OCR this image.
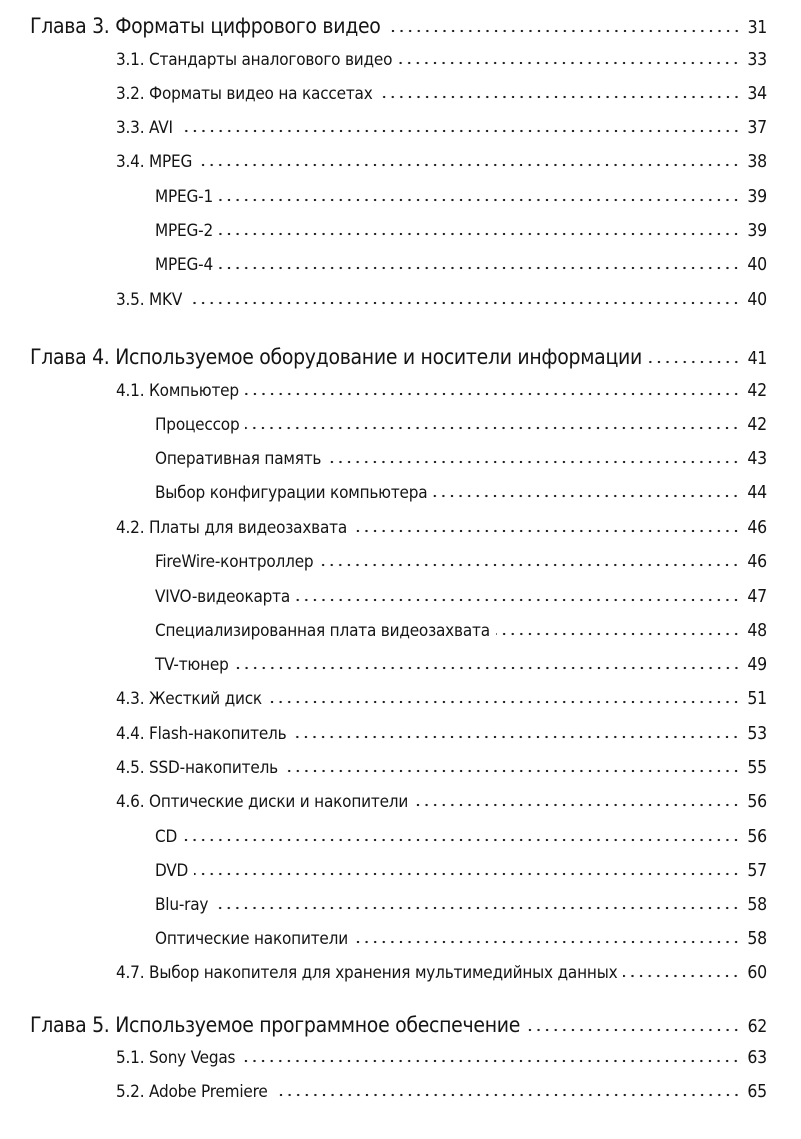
Глава 3. Форматы цифрового видео	31
3.1. Стандарты аналогового видео	33
3.2. Форматы видео на кассетах	34
3.3. AVI	37
3.4. MPEG	38
MPEG-1	39
MPEG-2	39
MPEG-4	40
3.5. MKV	40
Глава 4. Используемое оборудование и носители информации	41
4.1. Компьютер	42
Процессор	42
Оперативная память	43
Выбор конфигурации компьютера	44
4.2. Платы для видеозахвата	46
FireWire-контроллер	46
VIVO-видеокарта	47
Специализированная плата видеозахвата	48
TV-тюнер	49
4.3. Жесткий диск	51
4.4. Flash-накопитель	53
4.5. SSD-накопитель	55
4.6. Оптические диски и накопители	56
CD	56
DVD	57
Blu-ray	58
Оптические накопители	58
4.7. Выбор накопителя для хранения мультимедийных данных	60
Глава 5. Используемое программное обеспечение	62
5.1. Sony Vegas	63
5.2. Adobe Premiere	65
